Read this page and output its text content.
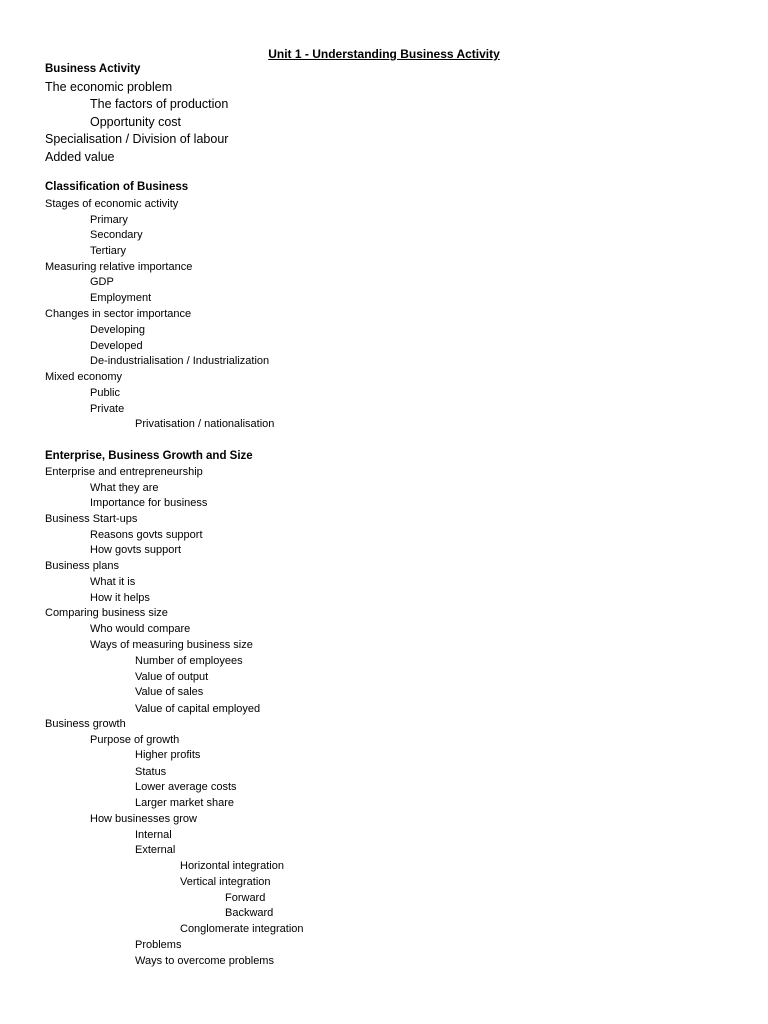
Unit 1 - Understanding Business Activity
Business Activity
The economic problem
The factors of production
Opportunity cost
Specialisation / Division of labour
Added value
Classification of Business
Stages of economic activity
Primary
Secondary
Tertiary
Measuring relative importance
GDP
Employment
Changes in sector importance
Developing
Developed
De-industrialisation / Industrialization
Mixed economy
Public
Private
Privatisation / nationalisation
Enterprise, Business Growth and Size
Enterprise and entrepreneurship
What they are
Importance for business
Business Start-ups
Reasons govts support
How govts support
Business plans
What it is
How it helps
Comparing business size
Who would compare
Ways of measuring business size
Number of employees
Value of output
Value of sales
Value of capital employed
Business growth
Purpose of growth
Higher profits
Status
Lower average costs
Larger market share
How businesses grow
Internal
External
Horizontal integration
Vertical integration
Forward
Backward
Conglomerate integration
Problems
Ways to overcome problems
